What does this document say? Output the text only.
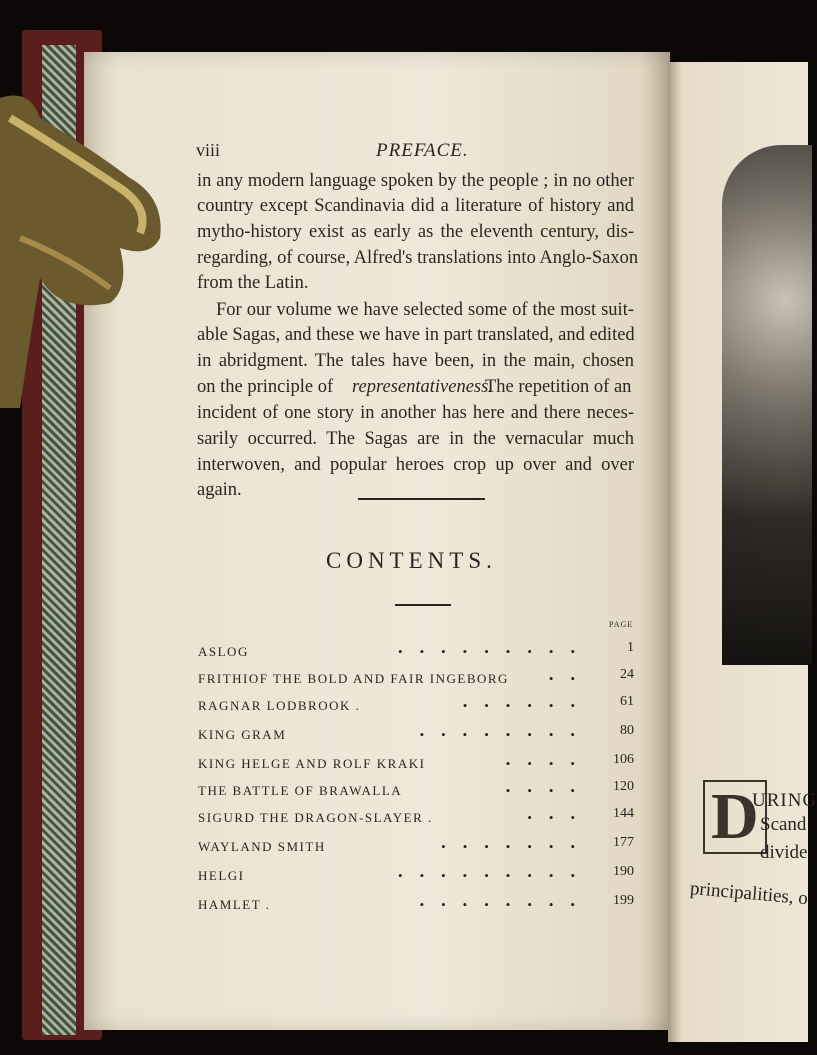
viii	PREFACE.
in any modern language spoken by the people ; in no other
country except Scandinavia did a literature of history and
mytho-history exist as early as the eleventh century, dis-
regarding, of course, Alfred's translations into Anglo-Saxon
from the Latin.
For our volume we have selected some of the most suit-
able Sagas, and these we have in part translated, and edited
in abridgment. The tales have been, in the main, chosen
on the principle of representativeness.
The repetition of an
incident of one story in another has here and there neces-
sarily occurred. The Sagas are in the vernacular much
interwoven, and popular heroes crop up over and over
again.
CONTENTS.
PAGE
ASLOG	•••••••••	1
FRITHIOF THE BOLD AND FAIR INGEBORG	•• 24
RAGNAR LODBROOK .	•••••• 61
KING GRAM	•••••••• 80
KING HELGE AND ROLF KRAKI	•••• 106
THE BATTLE OF BRAWALLA	•••• 120
SIGURD THE DRAGON-SLAYER .	••• 144
WAYLAND SMITH	••••••• 177
HELGI	••••••••• 190
HAMLET .	•••••••• 199
D
URING
Scand
divide
principalities, o
